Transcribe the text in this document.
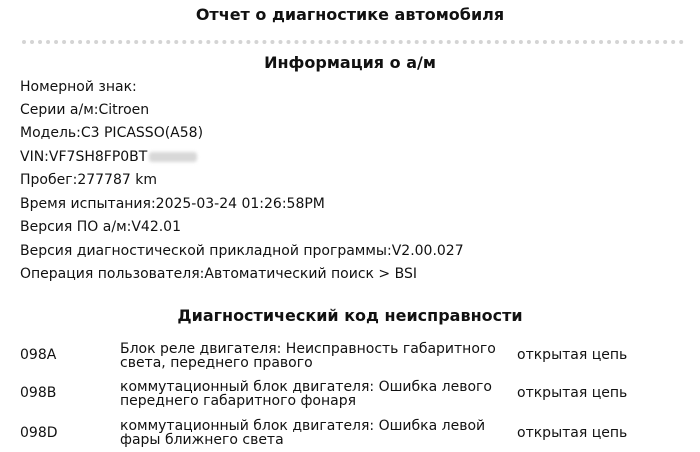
Отчет о диагностике автомобиля
Информация о а/м
Номерной знак:
Серии а/м:Citroen
Модель:C3 PICASSO(A58)
VIN:VF7SH8FP0BT
Пробег:277787 km
Время испытания:2025-03-24 01:26:58PM
Версия ПО а/м:V42.01
Версия диагностической прикладной программы:V2.00.027
Операция пользователя:Автоматический поиск > BSI
Диагностический код неисправности
098A	Блок реле двигателя: Неисправность габаритного света, переднего правого	открытая цепь
098B	коммутационный блок двигателя: Ошибка левого переднего габаритного фонаря	открытая цепь
098D	коммутационный блок двигателя: Ошибка левой фары ближнего света	открытая цепь
